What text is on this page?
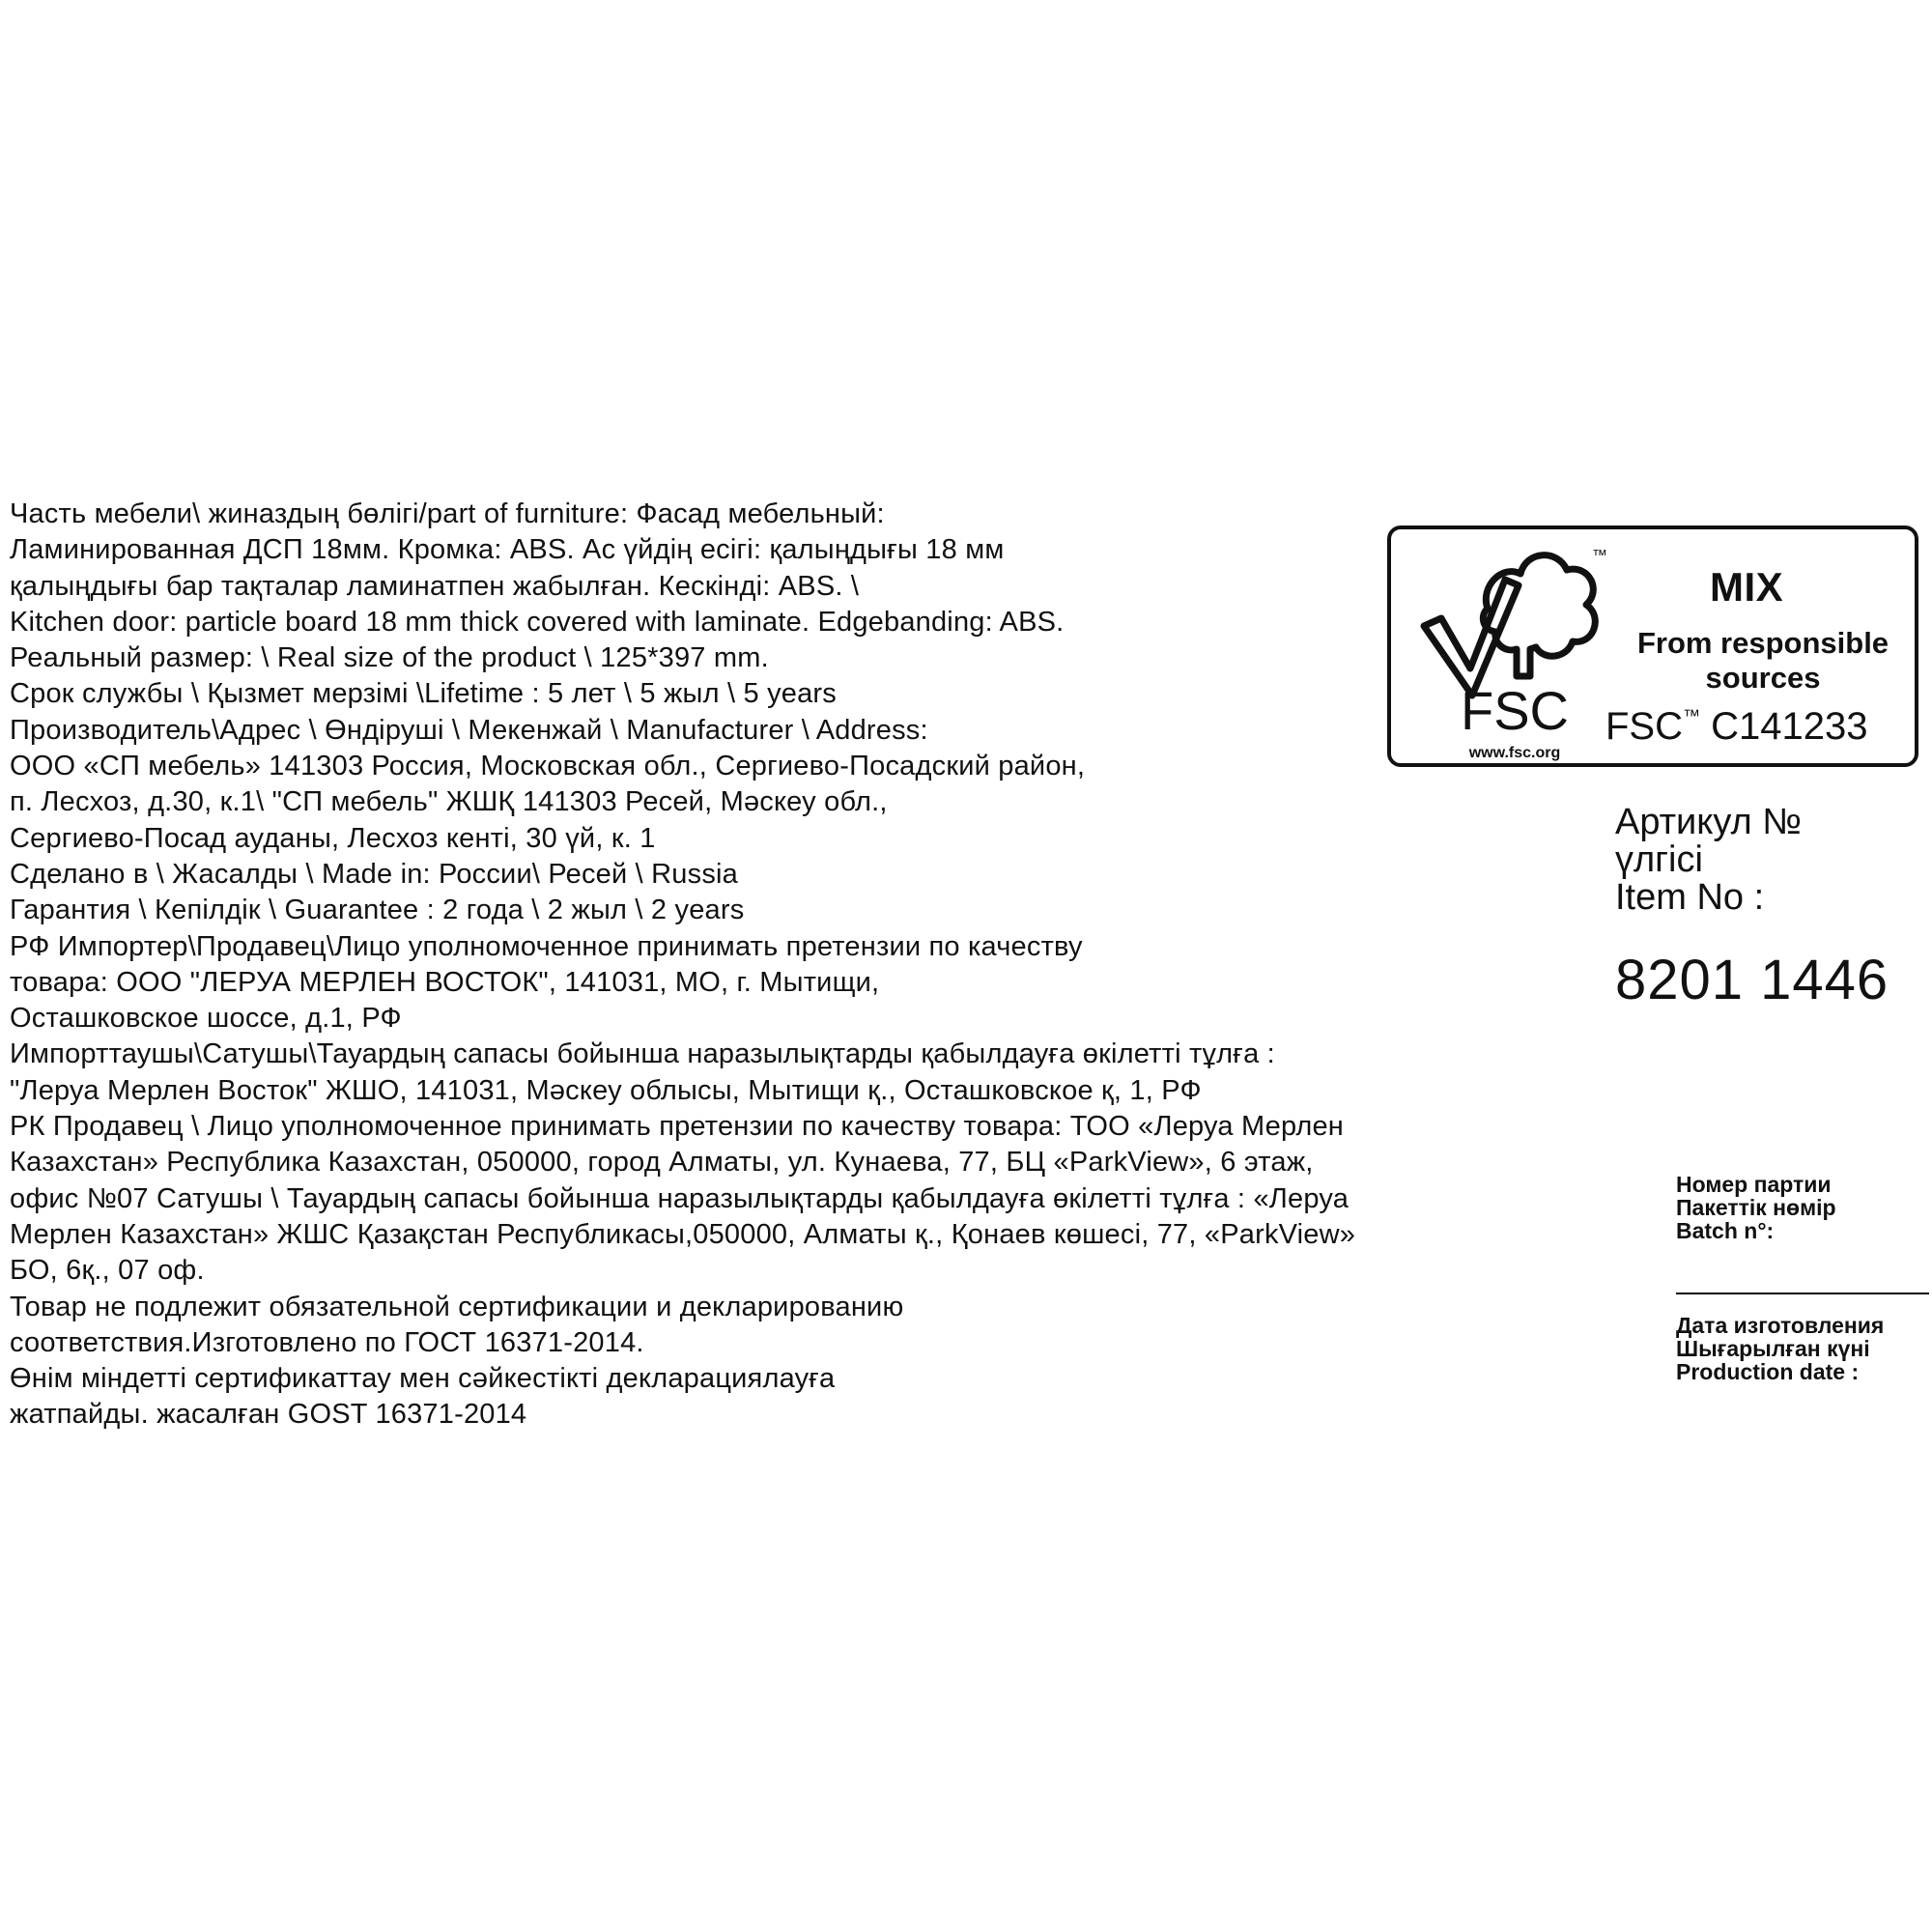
Часть мебели\ жиназдың бөлігі/part of furniture: Фасад мебельный:
Ламинированная ДСП 18мм. Кромка: ABS. Ас үйдің есігі: қалыңдығы 18 мм
қалыңдығы бар тақталар ламинатпен жабылған. Кескінді: ABS. \
Kitchen door: particle board 18 mm thick covered with laminate. Edgebanding: ABS.
Реальный размер: \ Real size of the product \ 125*397 mm.
Срок службы \ Қызмет мерзімі \Lifetime : 5 лет \ 5 жыл \ 5 years
Производитель\Адрес \ Өндіруші \ Мекенжай \ Manufacturer \ Address:
ООО «СП мебель» 141303 Россия, Московская обл., Сергиево-Посадский район,
п. Лесхоз, д.30, к.1\ "СП мебель" ЖШҚ 141303 Ресей, Мәскеу обл.,
Сергиево-Посад ауданы, Лесхоз кенті, 30 үй, к. 1
Сделано в \ Жасалды \ Made in: России\ Ресей \ Russia
Гарантия \ Кепілдік \ Guarantee : 2 года \ 2 жыл \ 2 years
РФ Импортер\Продавец\Лицо уполномоченное принимать претензии по качеству
товара: ООО "ЛЕРУА МЕРЛЕН ВОСТОК", 141031, МО, г. Мытищи,
Осташковское шоссе, д.1, РФ
Импорттаушы\Сатушы\Тауардың сапасы бойынша наразылықтарды қабылдауға өкілетті тұлға :
"Леруа Мерлен Восток" ЖШО, 141031, Мәскеу облысы, Мытищи қ., Осташковское қ, 1, РФ
РК Продавец \ Лицо уполномоченное принимать претензии по качеству товара: ТОО «Леруа Мерлен
Казахстан» Республика Казахстан, 050000, город Алматы, ул. Кунаева, 77, БЦ «ParkView», 6 этаж,
офис №07 Сатушы \ Тауардың сапасы бойынша наразылықтарды қабылдауға өкілетті тұлға : «Леруа
Мерлен Казахстан» ЖШС Қазақстан Республикасы,050000, Алматы қ., Қонаев көшесі, 77, «ParkView»
БО, 6қ., 07 оф.
Товар не подлежит обязательной сертификации и декларированию
соответствия.Изготовлено по ГОСТ 16371-2014.
Өнім міндетті сертификаттау мен сәйкестікті декларациялауға
жатпайды. жасалған GOST 16371-2014
™
FSC
www.fsc.org
MIX
From responsible sources
FSC™ C141233
Артикул №
үлгісі
Item No :
8201 1446
Номер партии
Пакеттік нөмір
Batch n°:
Дата изготовления
Шығарылған күні
Production date :
